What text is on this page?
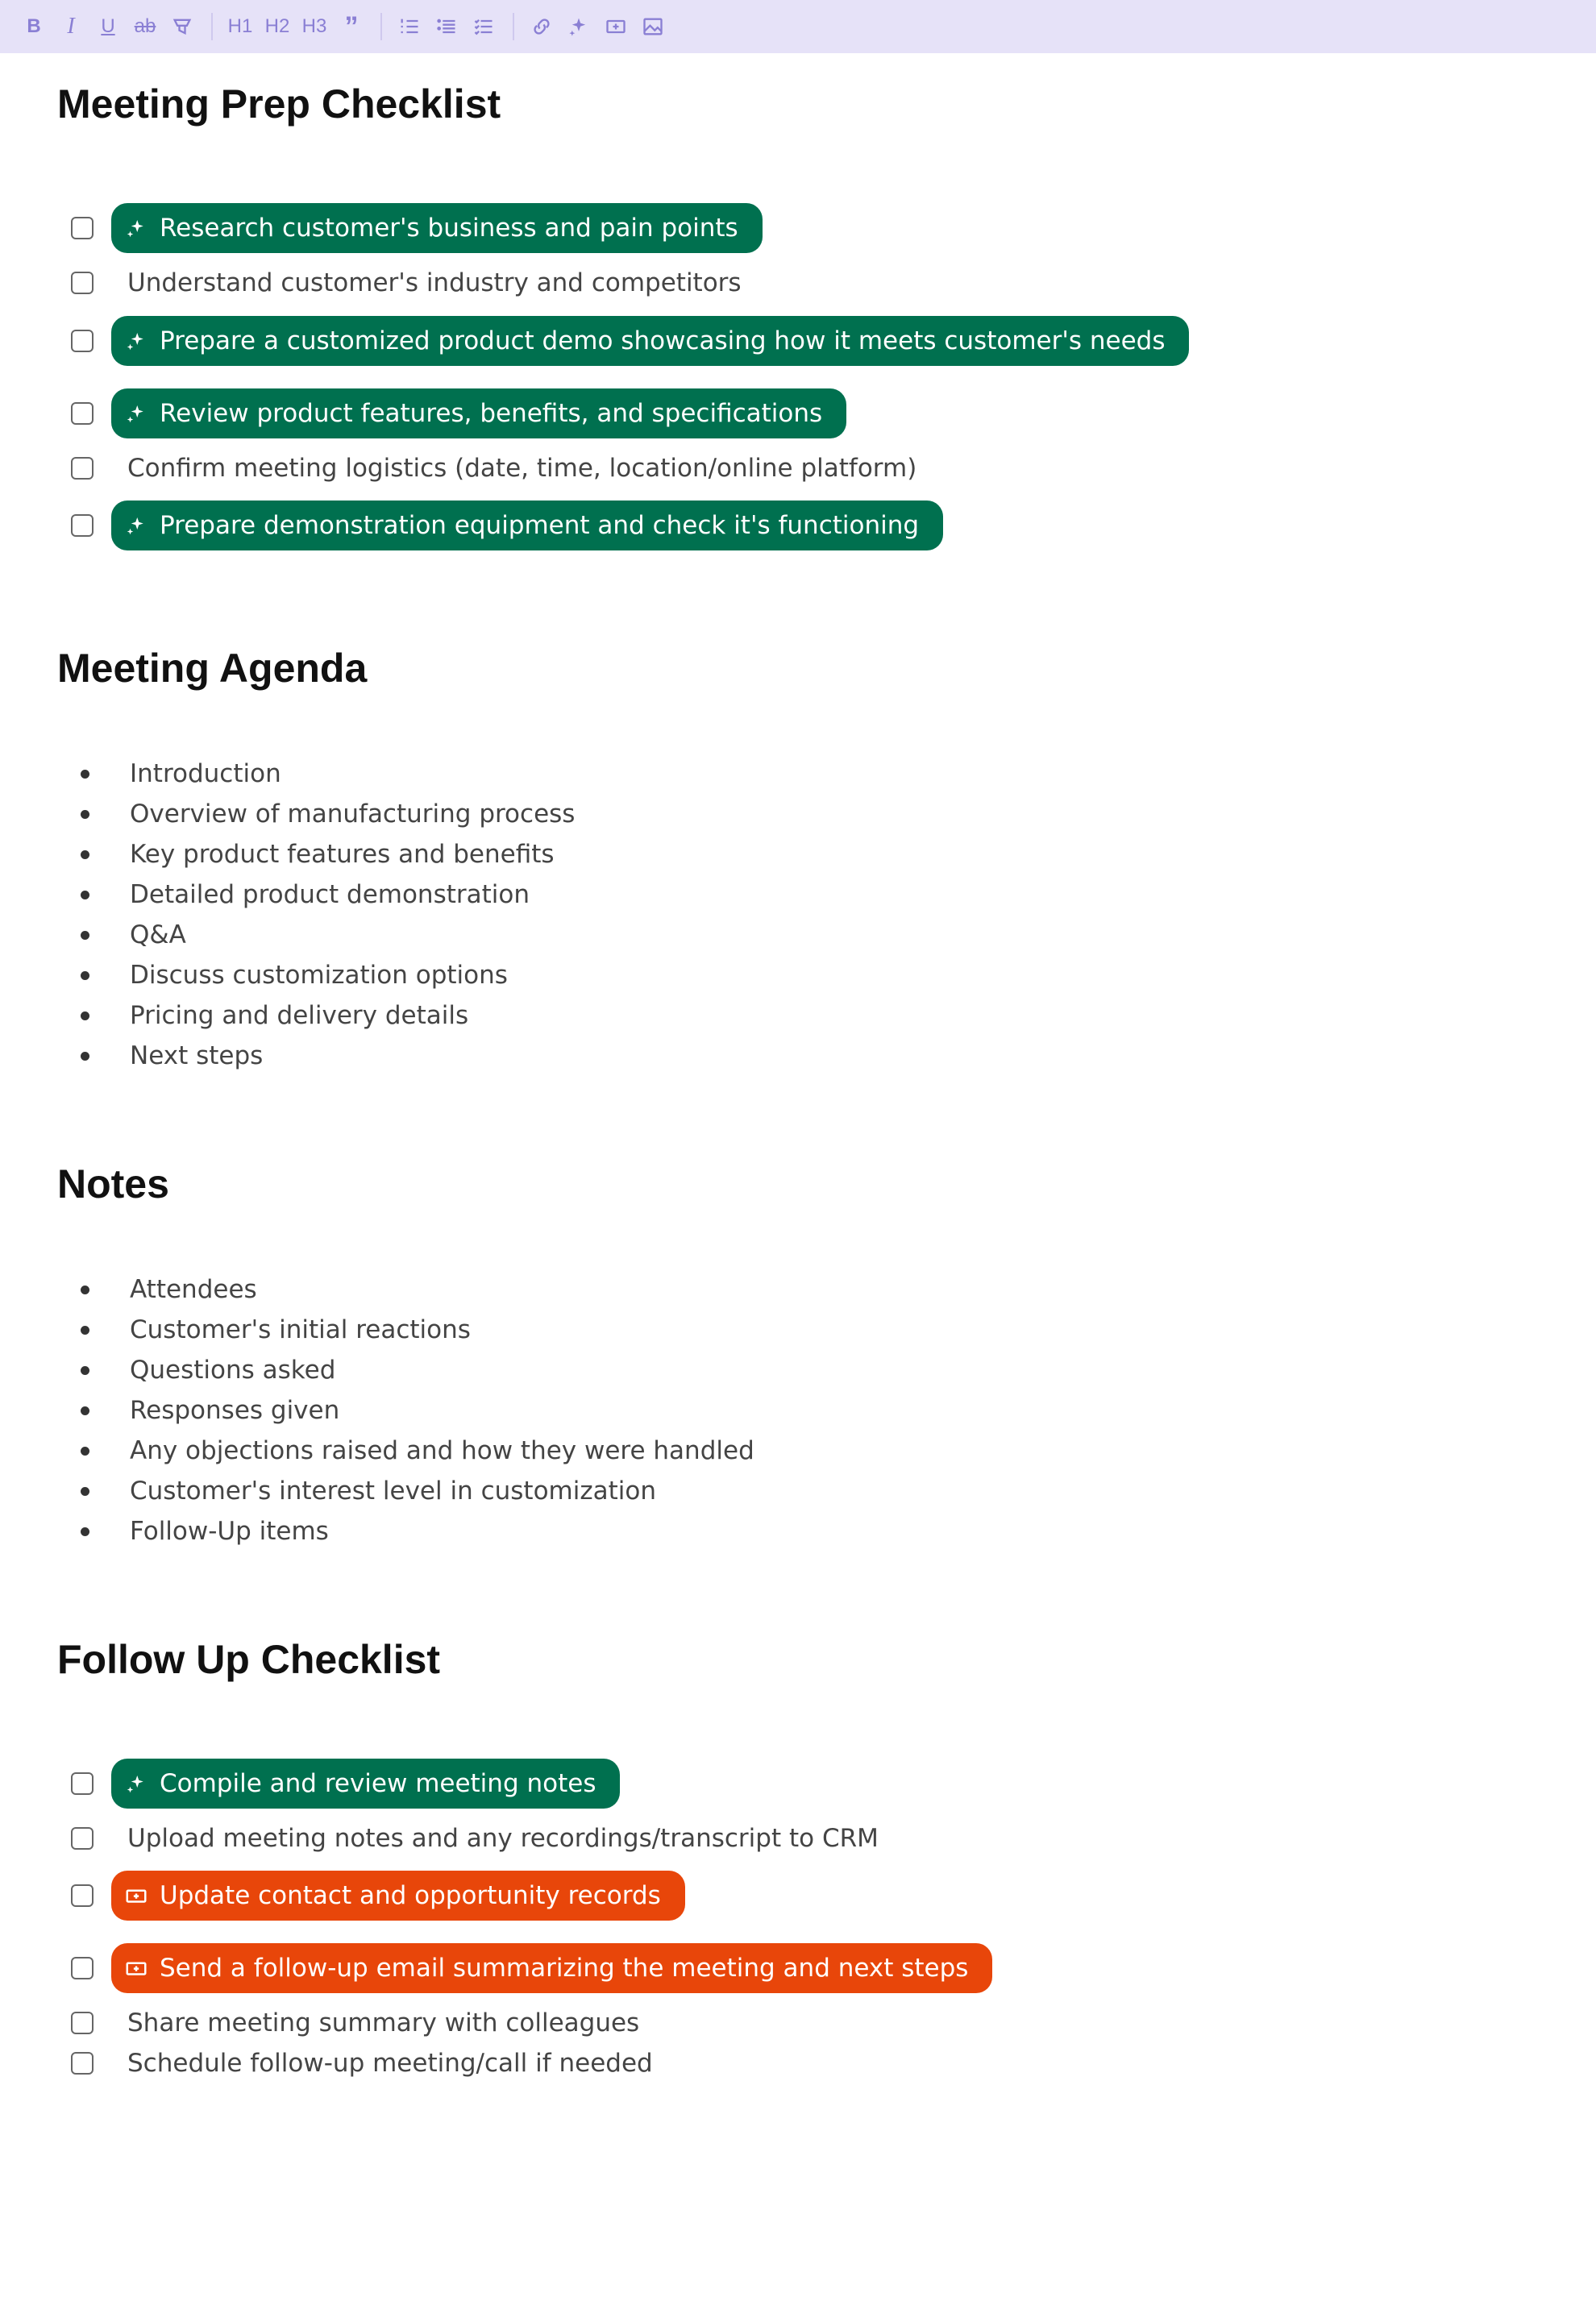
B I U ab	H1 H2 H3 ”
Meeting Prep Checklist
Research customer's business and pain points
Understand customer's industry and competitors
Prepare a customized product demo showcasing how it meets customer's needs
Review product features, benefits, and specifications
Confirm meeting logistics (date, time, location/online platform)
Prepare demonstration equipment and check it's functioning
Meeting Agenda
Introduction
Overview of manufacturing process
Key product features and benefits
Detailed product demonstration
Q&A
Discuss customization options
Pricing and delivery details
Next steps
Notes
Attendees
Customer's initial reactions
Questions asked
Responses given
Any objections raised and how they were handled
Customer's interest level in customization
Follow-Up items
Follow Up Checklist
Compile and review meeting notes
Upload meeting notes and any recordings/transcript to CRM
Update contact and opportunity records
Send a follow-up email summarizing the meeting and next steps
Share meeting summary with colleagues
Schedule follow-up meeting/call if needed
